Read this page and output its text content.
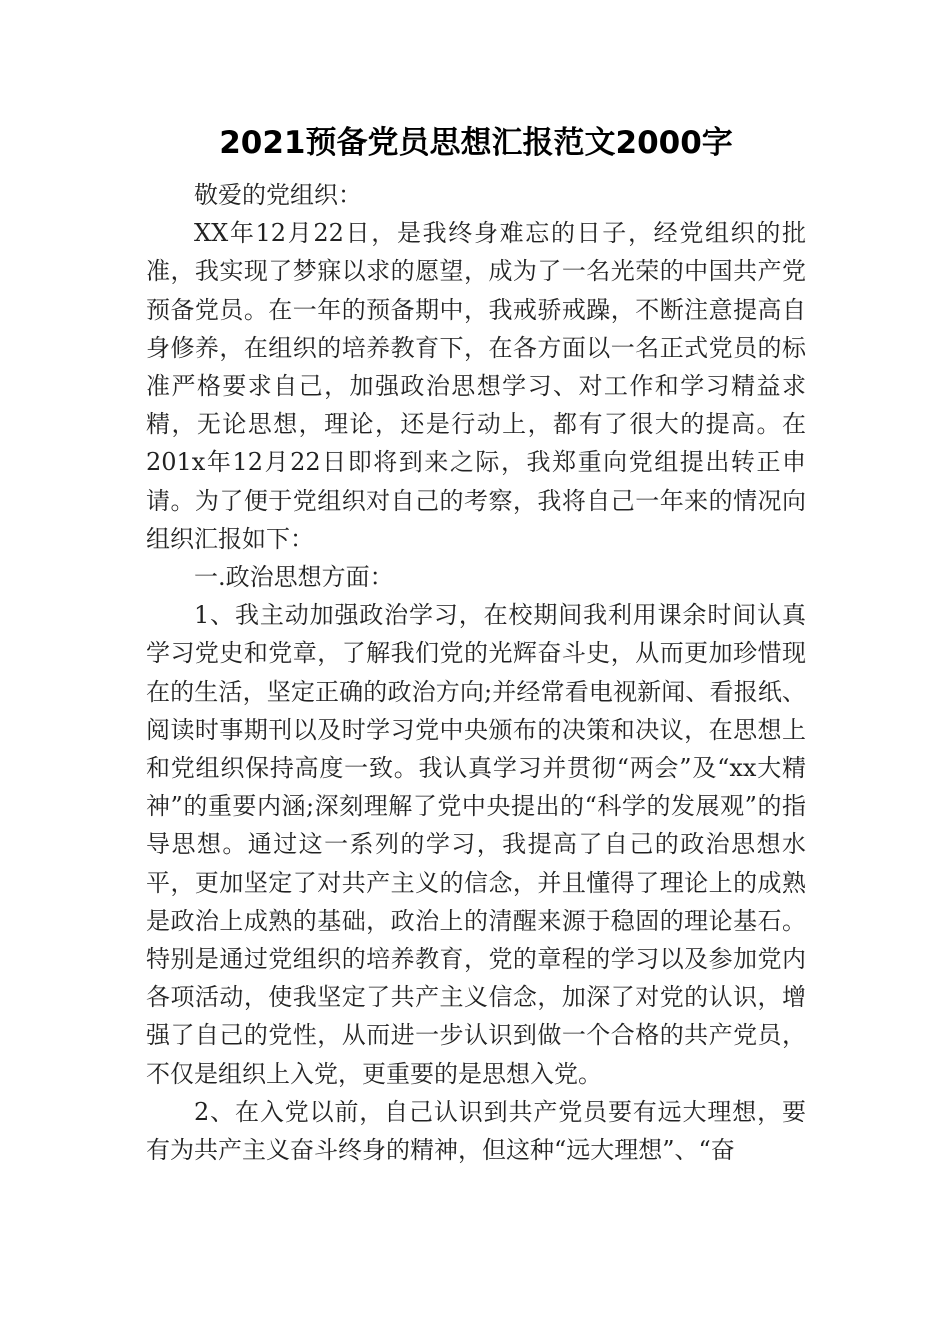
2021预备党员思想汇报范文2000字

敬爱的党组织：

XX年12月22日，是我终身难忘的日子，经党组织的批准，我实现了梦寐以求的愿望，成为了一名光荣的中国共产党预备党员。在一年的预备期中，我戒骄戒躁，不断注意提高自身修养，在组织的培养教育下，在各方面以一名正式党员的标准严格要求自己，加强政治思想学习、对工作和学习精益求精，无论思想，理论，还是行动上，都有了很大的提高。在201x年12月22日即将到来之际，我郑重向党组提出转正申请。为了便于党组织对自己的考察，我将自己一年来的情况向组织汇报如下：

一.政治思想方面：

1、我主动加强政治学习，在校期间我利用课余时间认真学习党史和党章，了解我们党的光辉奋斗史，从而更加珍惜现在的生活，坚定正确的政治方向;并经常看电视新闻、看报纸、阅读时事期刊以及时学习党中央颁布的决策和决议，在思想上和党组织保持高度一致。我认真学习并贯彻“两会”及“xx大精神”的重要内涵;深刻理解了党中央提出的“科学的发展观”的指导思想。通过这一系列的学习，我提高了自己的政治思想水平，更加坚定了对共产主义的信念，并且懂得了理论上的成熟是政治上成熟的基础，政治上的清醒来源于稳固的理论基石。特别是通过党组织的培养教育，党的章程的学习以及参加党内各项活动，使我坚定了共产主义信念，加深了对党的认识，增强了自己的党性，从而进一步认识到做一个合格的共产党员，不仅是组织上入党，更重要的是思想入党。

2、在入党以前，自己认识到共产党员要有远大理想，要有为共产主义奋斗终身的精神，但这种“远大理想”、“奋
